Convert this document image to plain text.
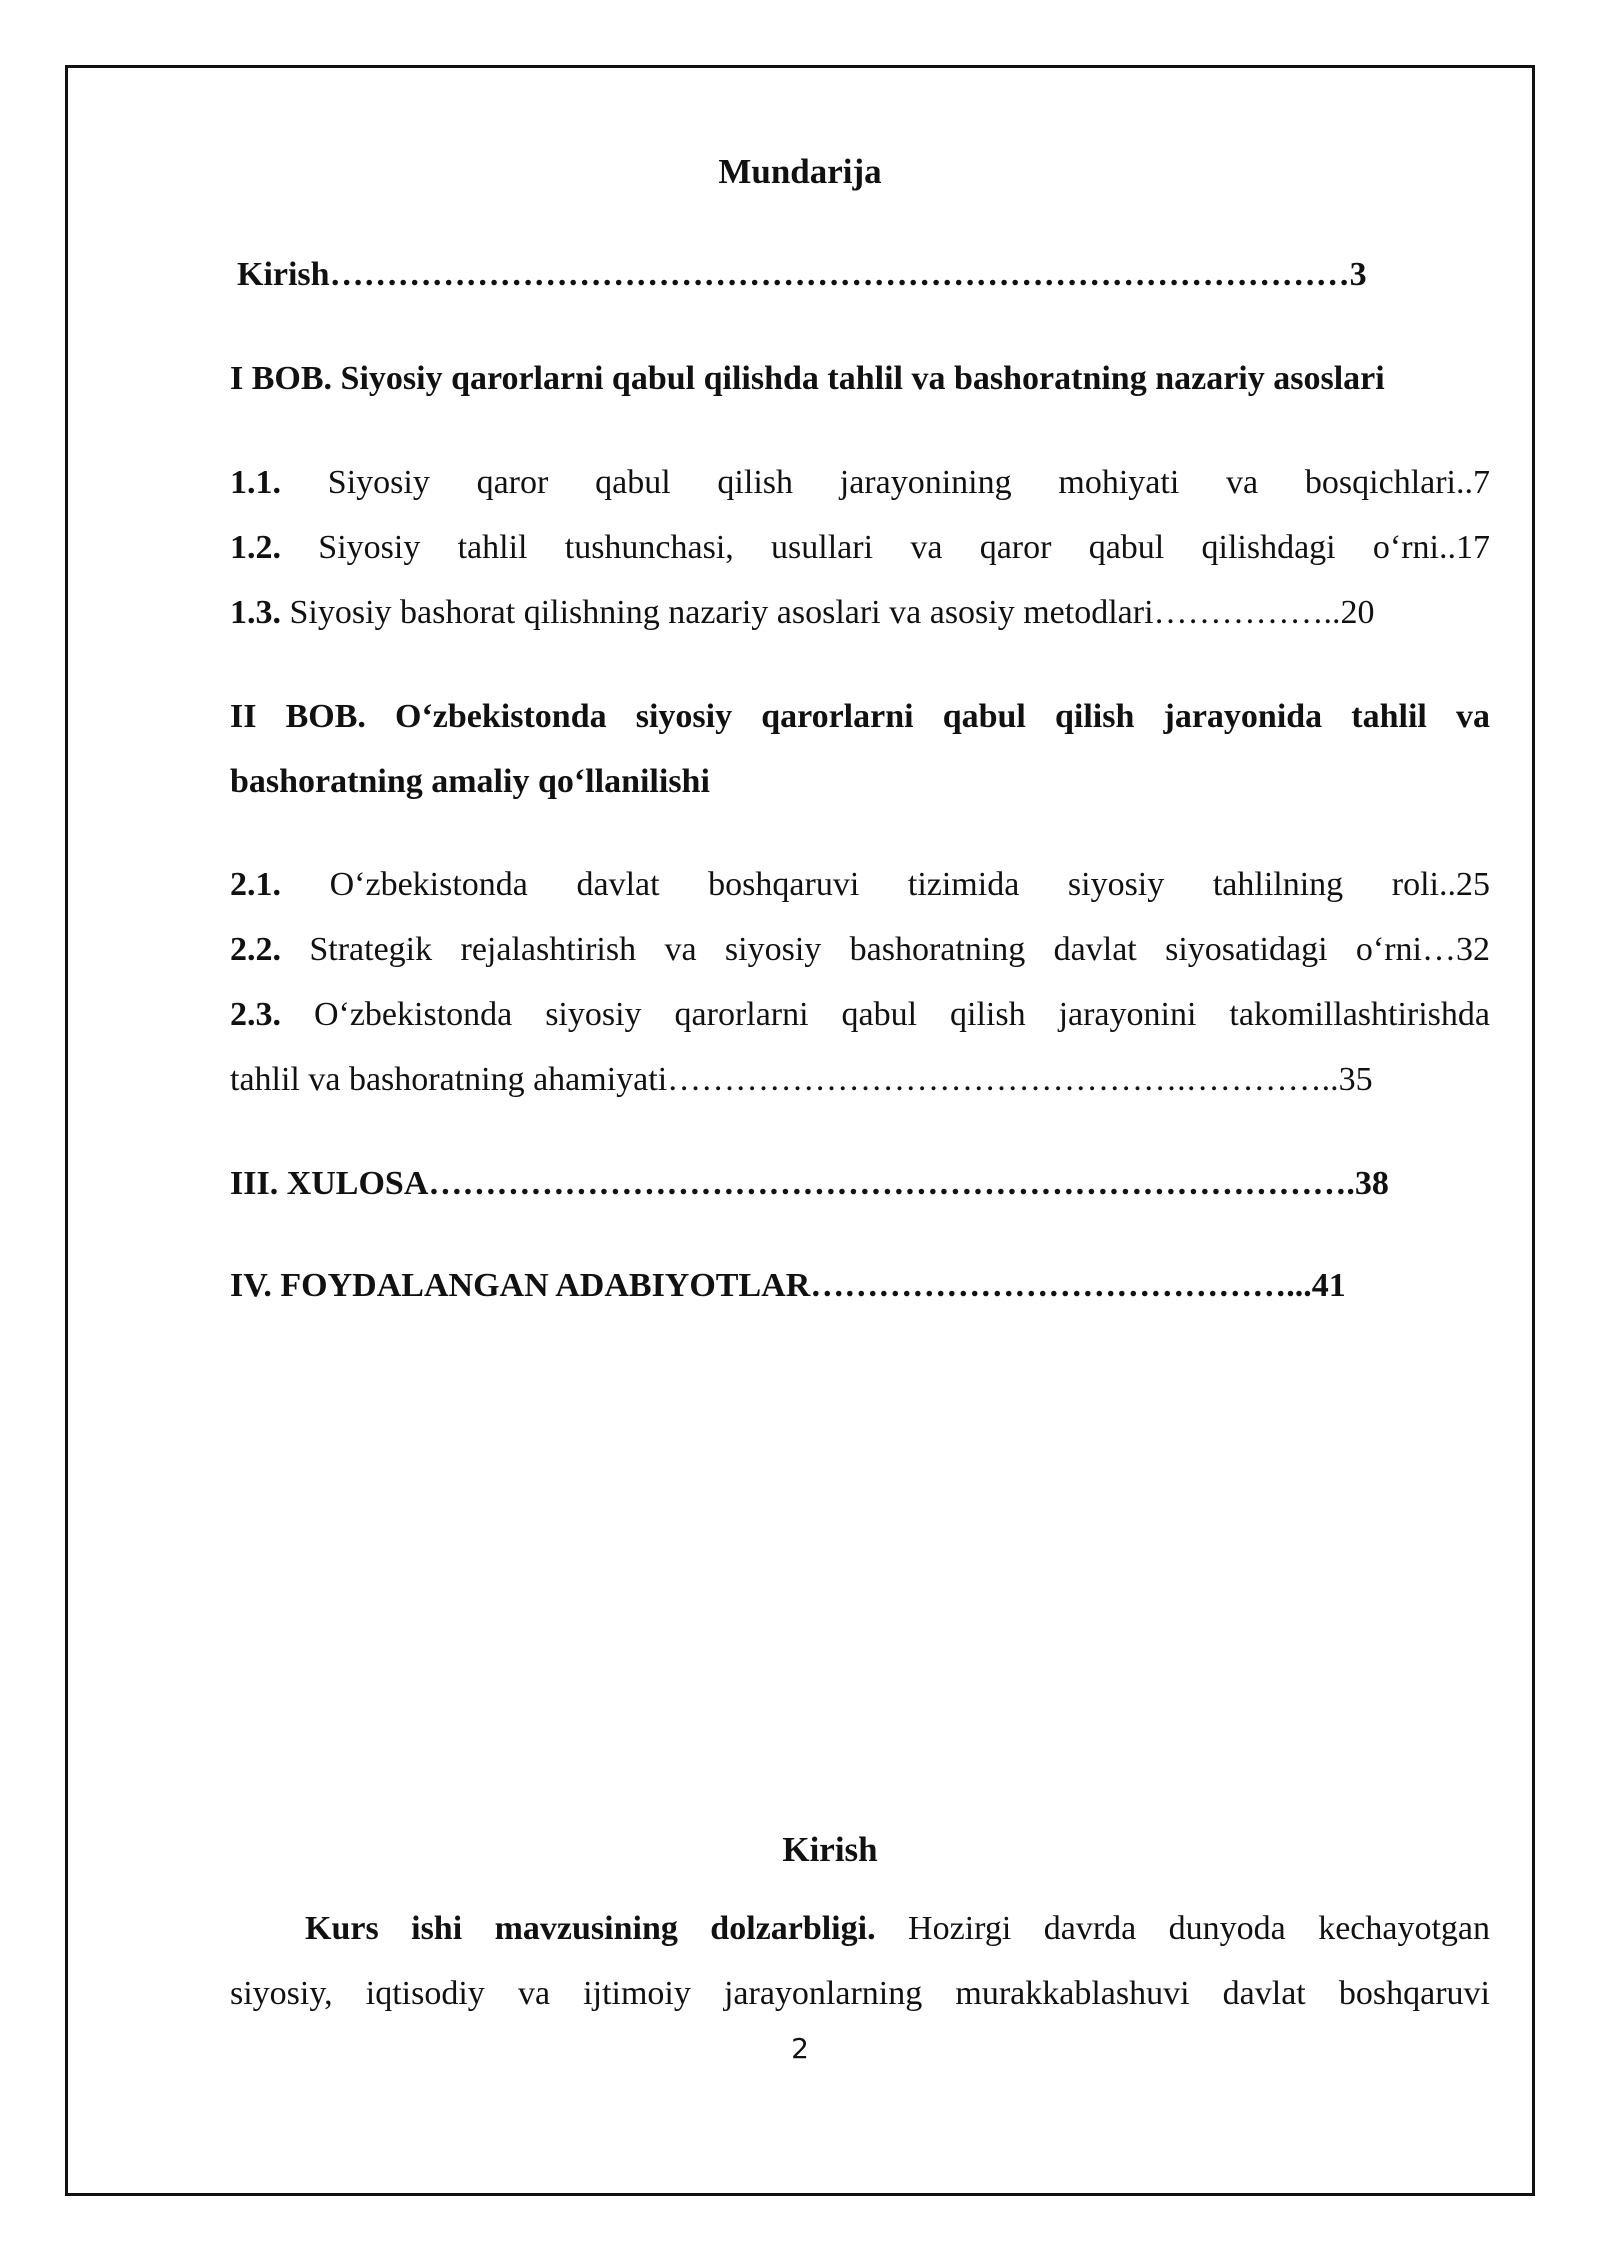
Mundarija
Kirish………………………………………………………………………………3
I BOB. Siyosiy qarorlarni qabul qilishda tahlil va bashoratning nazariy asoslari
1.1. Siyosiy qaror qabul qilish jarayonining mohiyati va bosqichlari..7
1.2. Siyosiy tahlil tushunchasi, usullari va qaror qabul qilishdagi o‘rni..17
1.3. Siyosiy bashorat qilishning nazariy asoslari va asosiy metodlari……………..20
II BOB. O‘zbekistonda siyosiy qarorlarni qabul qilish jarayonida tahlil va
bashoratning amaliy qo‘llanilishi
2.1. O‘zbekistonda davlat boshqaruvi tizimida siyosiy tahlilning roli..25
2.2. Strategik rejalashtirish va siyosiy bashoratning davlat siyosatidagi o‘rni…32
2.3. O‘zbekistonda siyosiy qarorlarni qabul qilish jarayonini takomillashtirishda
tahlil va bashoratning ahamiyati……………………………………….…………..35
III. XULOSA……………………………………………………………………….38
IV. FOYDALANGAN ADABIYOTLAR……………………………………...41
Kirish
Kurs ishi mavzusining dolzarbligi. Hozirgi davrda dunyoda kechayotgan
siyosiy, iqtisodiy va ijtimoiy jarayonlarning murakkablashuvi davlat boshqaruvi
2
